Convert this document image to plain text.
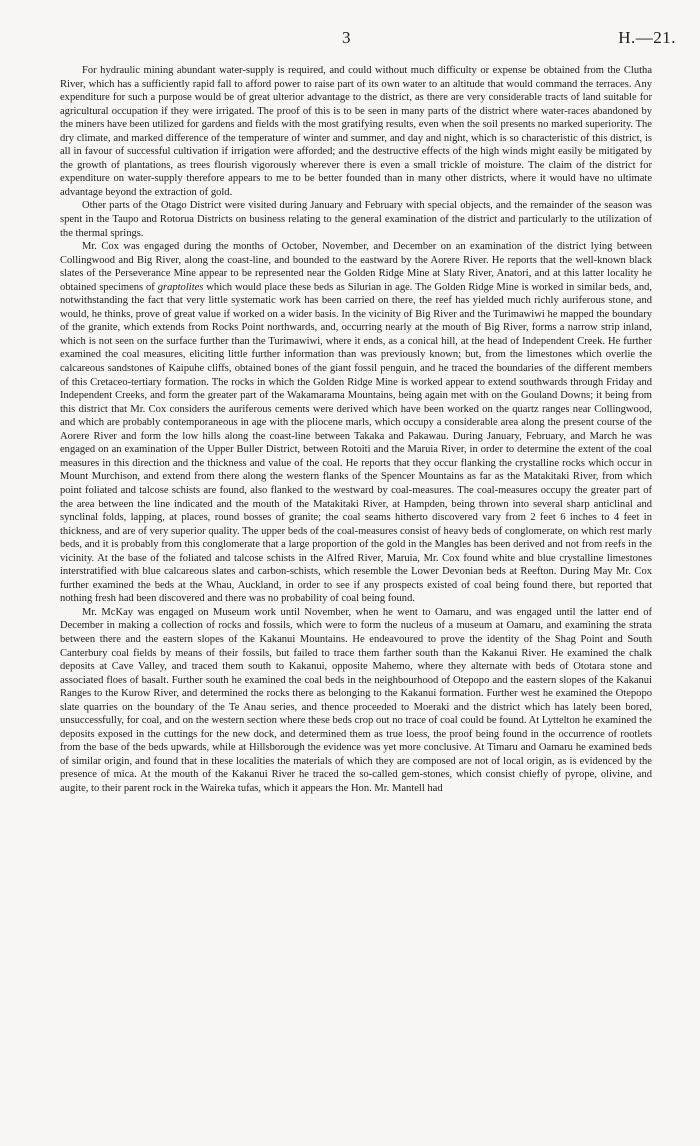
3	H.—21.

For hydraulic mining abundant water-supply is required, and could without much difficulty or expense be obtained from the Clutha River, which has a sufficiently rapid fall to afford power to raise part of its own water to an altitude that would command the terraces. Any expenditure for such a purpose would be of great ulterior advantage to the district, as there are very considerable tracts of land suitable for agricultural occupation if they were irrigated. The proof of this is to be seen in many parts of the district where water-races abandoned by the miners have been utilized for gardens and fields with the most gratifying results, even when the soil presents no marked superiority. The dry climate, and marked difference of the temperature of winter and summer, and day and night, which is so characteristic of this district, is all in favour of successful cultivation if irrigation were afforded; and the destructive effects of the high winds might easily be mitigated by the growth of plantations, as trees flourish vigorously wherever there is even a small trickle of moisture. The claim of the district for expenditure on water-supply therefore appears to me to be better founded than in many other districts, where it would have no ultimate advantage beyond the extraction of gold.

Other parts of the Otago District were visited during January and February with special objects, and the remainder of the season was spent in the Taupo and Rotorua Districts on business relating to the general examination of the district and particularly to the utilization of the thermal springs.

Mr. Cox was engaged during the months of October, November, and December on an examination of the district lying between Collingwood and Big River, along the coast-line, and bounded to the eastward by the Aorere River. He reports that the well-known black slates of the Perseverance Mine appear to be represented near the Golden Ridge Mine at Slaty River, Anatori, and at this latter locality he obtained specimens of graptolites which would place these beds as Silurian in age. The Golden Ridge Mine is worked in similar beds, and, notwithstanding the fact that very little systematic work has been carried on there, the reef has yielded much richly auriferous stone, and would, he thinks, prove of great value if worked on a wider basis. In the vicinity of Big River and the Turimawiwi he mapped the boundary of the granite, which extends from Rocks Point northwards, and, occurring nearly at the mouth of Big River, forms a narrow strip inland, which is not seen on the surface further than the Turimawiwi, where it ends, as a conical hill, at the head of Independent Creek. He further examined the coal measures, eliciting little further information than was previously known; but, from the limestones which overlie the calcareous sandstones of Kaipuhe cliffs, obtained bones of the giant fossil penguin, and he traced the boundaries of the different members of this Cretaceo-tertiary formation. The rocks in which the Golden Ridge Mine is worked appear to extend southwards through Friday and Independent Creeks, and form the greater part of the Wakamarama Mountains, being again met with on the Gouland Downs; it being from this district that Mr. Cox considers the auriferous cements were derived which have been worked on the quartz ranges near Collingwood, and which are probably contemporaneous in age with the pliocene marls, which occupy a considerable area along the present course of the Aorere River and form the low hills along the coast-line between Takaka and Pakawau. During January, February, and March he was engaged on an examination of the Upper Buller District, between Rotoiti and the Maruia River, in order to determine the extent of the coal measures in this direction and the thickness and value of the coal. He reports that they occur flanking the crystalline rocks which occur in Mount Murchison, and extend from there along the western flanks of the Spencer Mountains as far as the Matakitaki River, from which point foliated and talcose schists are found, also flanked to the westward by coal-measures. The coal-measures occupy the greater part of the area between the line indicated and the mouth of the Matakitaki River, at Hampden, being thrown into several sharp anticlinal and synclinal folds, lapping, at places, round bosses of granite; the coal seams hitherto discovered vary from 2 feet 6 inches to 4 feet in thickness, and are of very superior quality. The upper beds of the coal-measures consist of heavy beds of conglomerate, on which rest marly beds, and it is probably from this conglomerate that a large proportion of the gold in the Mangles has been derived and not from reefs in the vicinity. At the base of the foliated and talcose schists in the Alfred River, Maruia, Mr. Cox found white and blue crystalline limestones interstratified with blue calcareous slates and carbon-schists, which resemble the Lower Devonian beds at Reefton. During May Mr. Cox further examined the beds at the Whau, Auckland, in order to see if any prospects existed of coal being found there, but reported that nothing fresh had been discovered and there was no probability of coal being found.

Mr. McKay was engaged on Museum work until November, when he went to Oamaru, and was engaged until the latter end of December in making a collection of rocks and fossils, which were to form the nucleus of a museum at Oamaru, and examining the strata between there and the eastern slopes of the Kakanui Mountains. He endeavoured to prove the identity of the Shag Point and South Canterbury coal fields by means of their fossils, but failed to trace them farther south than the Kakanui River. He examined the chalk deposits at Cave Valley, and traced them south to Kakanui, opposite Mahemo, where they alternate with beds of Ototara stone and associated floes of basalt. Further south he examined the coal beds in the neighbourhood of Otepopo and the eastern slopes of the Kakanui Ranges to the Kurow River, and determined the rocks there as belonging to the Kakanui formation. Further west he examined the Otepopo slate quarries on the boundary of the Te Anau series, and thence proceeded to Moeraki and the district which has lately been bored, unsuccessfully, for coal, and on the western section where these beds crop out no trace of coal could be found. At Lyttelton he examined the deposits exposed in the cuttings for the new dock, and determined them as true loess, the proof being found in the occurrence of rootlets from the base of the beds upwards, while at Hillsborough the evidence was yet more conclusive. At Timaru and Oamaru he examined beds of similar origin, and found that in these localities the materials of which they are composed are not of local origin, as is evidenced by the presence of mica. At the mouth of the Kakanui River he traced the so-called gem-stones, which consist chiefly of pyrope, olivine, and augite, to their parent rock in the Waireka tufas, which it appears the Hon. Mr. Mantell had
